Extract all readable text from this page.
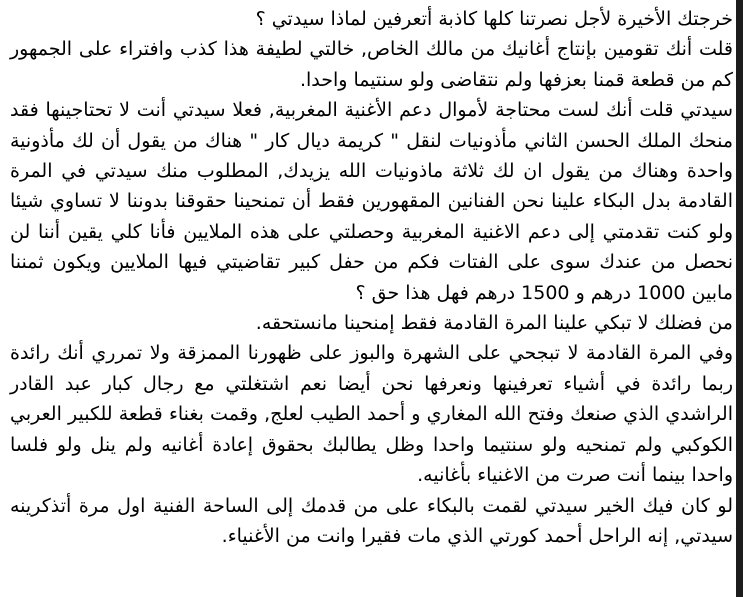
خرجتك الأخيرة لأجل نصرتنا كلها كاذبة أتعرفين لماذا سيدتي ؟

قلت أنك تقومين بإنتاج أغانيك من مالك الخاص, خالتي لطيفة هذا كذب وافتراء على الجمهور كم من قطعة قمنا بعزفها ولم نتقاضى ولو سنتيما واحدا.

سيدتي قلت أنك لست محتاجة لأموال دعم الأغنية المغربية, فعلا سيدتي أنت لا تحتاجينها فقد منحك الملك الحسن الثاني مأذونيات لنقل " كريمة ديال كار " هناك من يقول أن لك مأذونية واحدة وهناك من يقول ان لك ثلاثة ماذونيات الله يزيدك, المطلوب منك سيدتي في المرة القادمة بدل البكاء علينا نحن الفنانين المقهورين فقط أن تمنحينا حقوقنا بدوننا لا تساوي شيئا ولو كنت تقدمتي إلى دعم الاغنية المغربية وحصلتي على هذه الملايين فأنا كلي يقين أننا لن نحصل من عندك سوى على الفتات فكم من حفل كبير تقاضيتي فيها الملايين ويكون ثمننا مابين 1000 درهم و 1500 درهم فهل هذا حق ؟

من فضلك لا تبكي علينا المرة القادمة فقط إمنحينا مانستحقه.

وفي المرة القادمة لا تبجحي على الشهرة والبوز على ظهورنا الممزقة ولا تمرري أنك رائدة ربما رائدة في أشياء تعرفينها ونعرفها نحن أيضا نعم اشتغلتي مع رجال كبار عبد القادر الراشدي الذي صنعك وفتح الله المغاري و أحمد الطيب لعلج, وقمت بغناء قطعة للكبير العربي الكوكبي ولم تمنحيه ولو سنتيما واحدا وظل يطالبك بحقوق إعادة أغانيه ولم ينل ولو فلسا واحدا بينما أنت صرت من الاغنياء بأغانيه.

لو كان فيك الخير سيدتي لقمت بالبكاء على من قدمك إلى الساحة الفنية اول مرة أتذكرينه سيدتي, إنه الراحل أحمد كورتي الذي مات فقيرا وانت من الأغنياء.
